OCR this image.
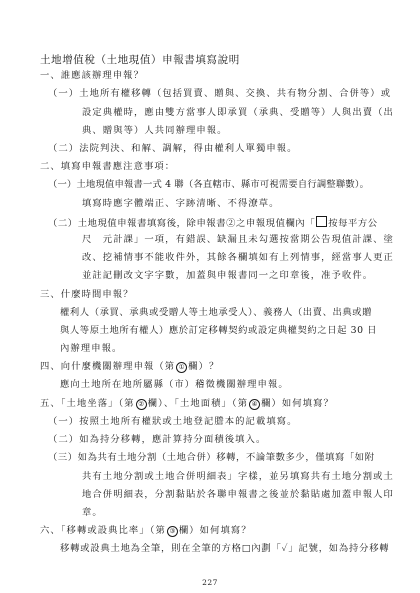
土地增值稅（土地現值）申報書填寫說明
一、誰應該辦理申報？
（一）土地所有權移轉（包括買賣、贈與、交換、共有物分割、合併等）或
設定典權時，應由雙方當事人即承買（承典、受贈等）人與出賣（出
典、贈與等）人共同辦理申報。
（二）法院判決、和解、調解，得由權利人單獨申報。
二、填寫申報書應注意事項：
（一）土地現值申報書一式 4 聯（各直轄市、縣市可視需要自行調整聯數）。
填寫時應字體端正、字跡清晰、不得潦草。
（二）土地現值申報書填寫後，除申報書②之申報現值欄內「 按每平方公
尺　元計課」一項，有錯誤、缺漏且未勾選按當期公告現值計課、塗
改、挖補情事不能收件外，其餘各欄填如有上列情事，經當事人更正
並註記刪改文字字數，加蓋與申報書同一之印章後，准予收件。
三、什麼時間申報？
權利人（承買、承典或受贈人等土地承受人）、義務人（出賣、出典或贈
與人等原土地所有權人）應於訂定移轉契約或設定典權契約之日起 30 日
內辦理申報。
四、向什麼機關辦理申報（第 ① 欄）？
應向土地所在地所屬縣（市）稽徵機關辦理申報。
五、「土地坐落」（第 ② 欄）、「土地面積」（第 ④ 欄）如何填寫？
（一）按照土地所有權狀或土地登記謄本的記載填寫。
（二）如為持分移轉，應計算持分面積後填入。
（三）如為共有土地分割（土地合併）移轉，不論筆數多少，僅填寫「如附
共有土地分割或土地合併明細表」字樣，並另填寫共有土地分割或土
地合併明細表，分割黏貼於各聯申報書之後並於黏貼處加蓋申報人印
章。
六、「移轉或設典比率」（第 ③ 欄）如何填寫？
移轉或設典土地為全筆，則在全筆的方格□內劃「✓」記號，如為持分移轉
227
